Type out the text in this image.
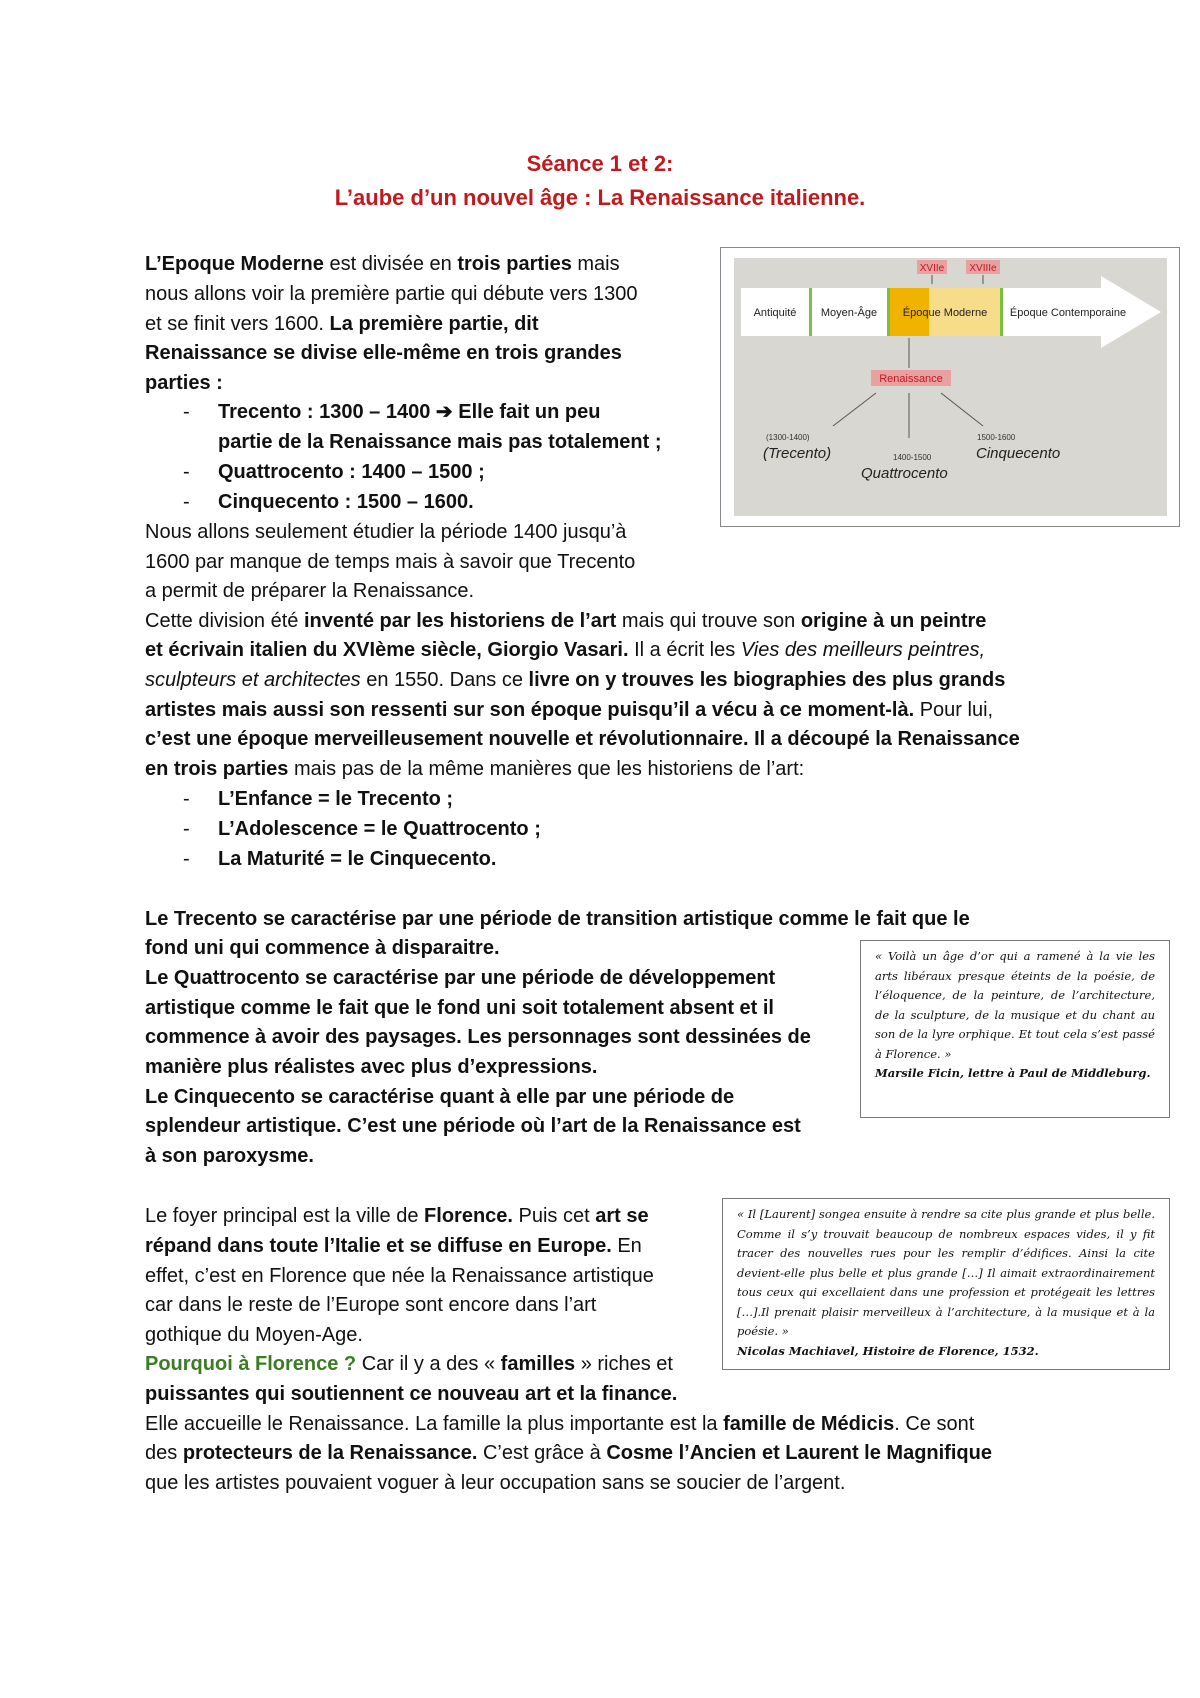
Séance 1 et 2:
L’aube d’un nouvel âge : La Renaissance italienne.
L’Epoque Moderne est divisée en trois parties mais
nous allons voir la première partie qui débute vers 1300
et se finit vers 1600. La première partie, dit
Renaissance se divise elle-même en trois grandes
parties :
- Trecento : 1300 – 1400 ➔ Elle fait un peu
partie de la Renaissance mais pas totalement ;
- Quattrocento : 1400 – 1500 ;
- Cinquecento : 1500 – 1600.
Nous allons seulement étudier la période 1400 jusqu’à
1600 par manque de temps mais à savoir que Trecento
a permit de préparer la Renaissance.
Cette division été inventé par les historiens de l’art mais qui trouve son origine à un peintre
et écrivain italien du XVIème siècle, Giorgio Vasari. Il a écrit les Vies des meilleurs peintres,
sculpteurs et architectes en 1550. Dans ce livre on y trouves les biographies des plus grands
artistes mais aussi son ressenti sur son époque puisqu’il a vécu à ce moment-là. Pour lui,
c’est une époque merveilleusement nouvelle et révolutionnaire. Il a découpé la Renaissance
en trois parties mais pas de la même manières que les historiens de l’art:
- L’Enfance = le Trecento ;
- L’Adolescence = le Quattrocento ;
- La Maturité = le Cinquecento.
Le Trecento se caractérise par une période de transition artistique comme le fait que le
fond uni qui commence à disparaitre.
Le Quattrocento se caractérise par une période de développement
artistique comme le fait que le fond uni soit totalement absent et il
commence à avoir des paysages. Les personnages sont dessinées de
manière plus réalistes avec plus d’expressions.
Le Cinquecento se caractérise quant à elle par une période de
splendeur artistique. C’est une période où l’art de la Renaissance est
à son paroxysme.
Le foyer principal est la ville de Florence. Puis cet art se
répand dans toute l’Italie et se diffuse en Europe. En
effet, c’est en Florence que née la Renaissance artistique
car dans le reste de l’Europe sont encore dans l’art
gothique du Moyen-Age.
Pourquoi à Florence ? Car il y a des « familles » riches et
puissantes qui soutiennent ce nouveau art et la finance.
Elle accueille le Renaissance. La famille la plus importante est la famille de Médicis. Ce sont
des protecteurs de la Renaissance. C’est grâce à Cosme l’Ancien et Laurent le Magnifique
que les artistes pouvaient voguer à leur occupation sans se soucier de l’argent.
« Voilà un âge d’or qui a ramené à la vie les arts libéraux presque éteints de la poésie, de l’éloquence, de la peinture, de l’architecture, de la sculpture, de la musique et du chant au son de la lyre orphique. Et tout cela s’est passé à Florence. »
Marsile Ficin, lettre à Paul de Middleburg.
« Il [Laurent] songea ensuite à rendre sa cite plus grande et plus belle. Comme il s’y trouvait beaucoup de nombreux espaces vides, il y fit tracer des nouvelles rues pour les remplir d’édifices. Ainsi la cite devient-elle plus belle et plus grande […] Il aimait extraordinairement tous ceux qui excellaient dans une profession et protégeait les lettres […].Il prenait plaisir merveilleux à l’architecture, à la musique et à la poésie. »
Nicolas Machiavel, Histoire de Florence, 1532.
Antiquité Moyen-Âge Époque Moderne Époque Contemporaine
XVIIe	XVIIIe
Renaissance
(1300-1400)
(Trecento)	1400-1500
Quattrocento
1500-1600
Cinquecento
